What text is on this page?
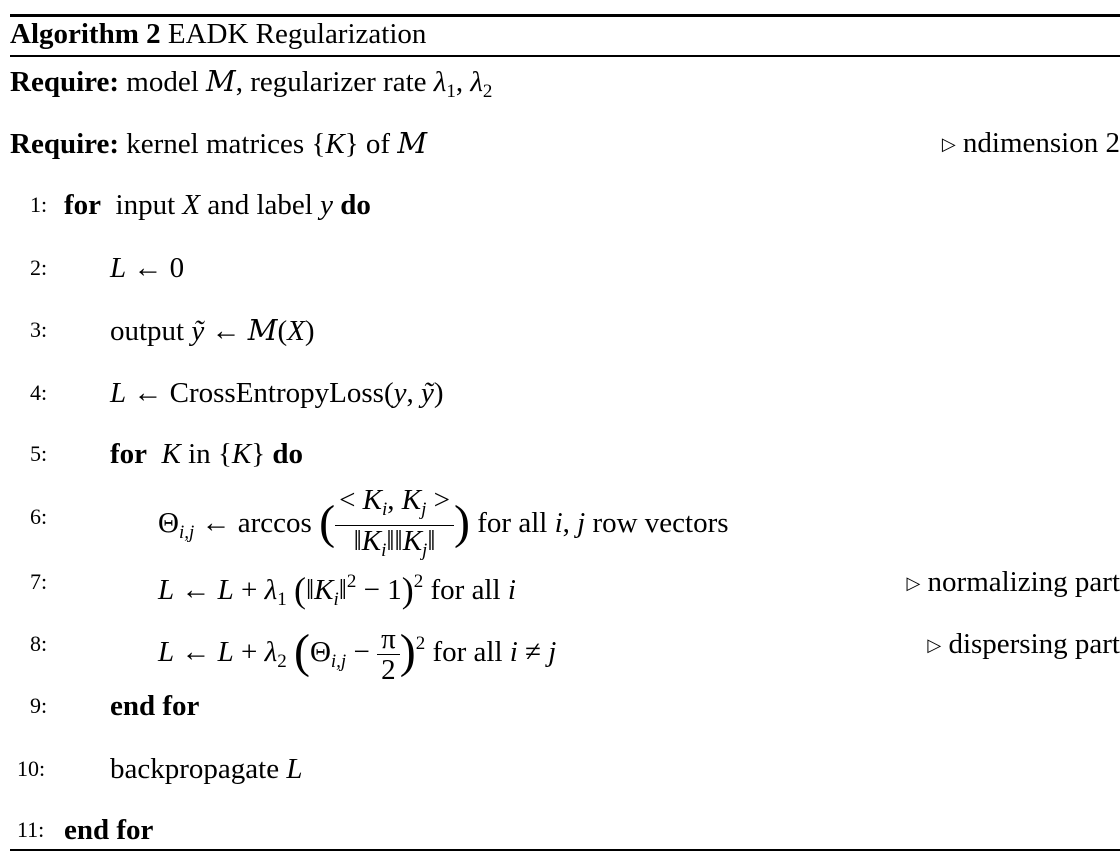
Algorithm 2 EADK Regularization
Require: model M, regularizer rate $\lambda_1$, $\lambda_2$
Require: kernel matrices {K} of M	▷ ndimension 2
1: for input X and label y do
2: L ← 0
3: output ỹ ← M(X)
4: L ← CrossEntropyLoss(y, ỹ)
5: for K in {K} do
6:	$\Theta_{i,j}$ ← arccos ( $\frac{< K_i, K_j >}{‖K_i‖‖K_j‖}$ ) for all i, j row vectors
7:	L ← $L + \lambda_1$ $(‖K_i‖^2 - 1)^2$ for all i	▷ normalizing part
8:	L ← $L + \lambda_2$ $(\Theta_{i,j} - \frac{\pi}{2} )^2$ for all i ≠ j	▷ dispersing part
9: end for
10: backpropagate L
11: end for
